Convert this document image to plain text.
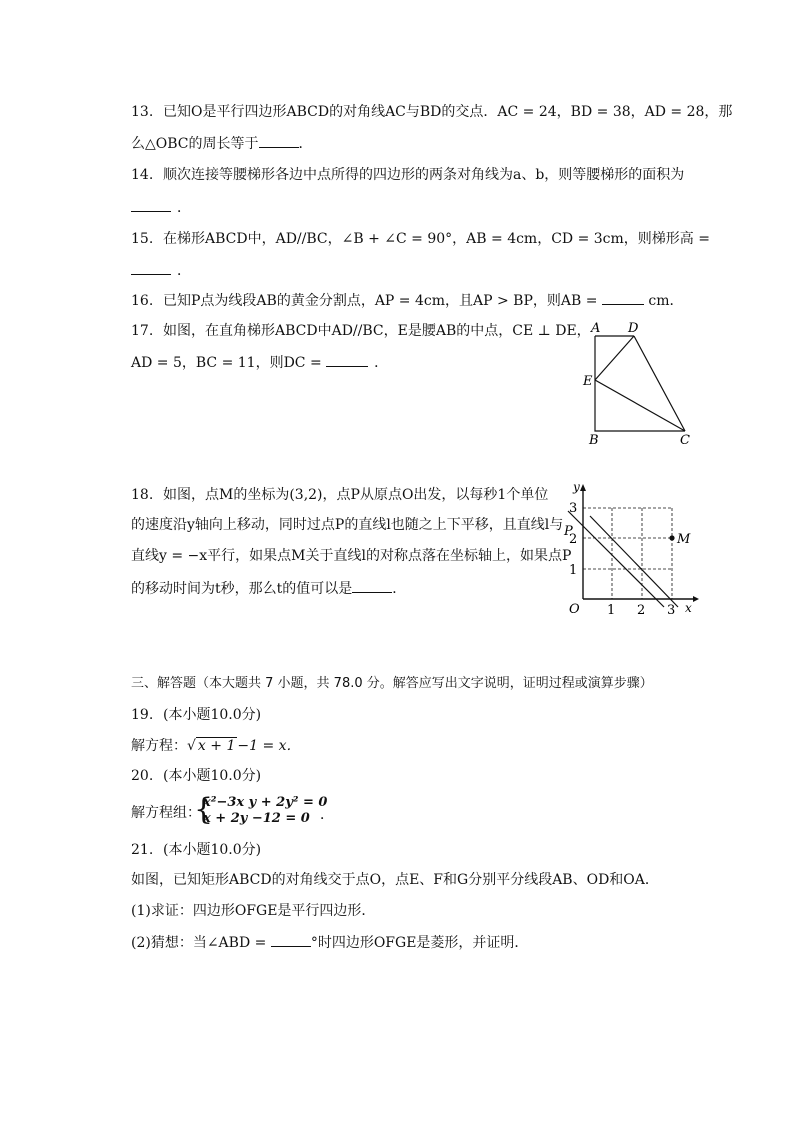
13. 已知O是平行四边形ABCD的对角线AC与BD的交点．AC = 24，BD = 38，AD = 28，那
么△OBC的周长等于	．
14. 顺次连接等腰梯形各边中点所得的四边形的两条对角线为a、b，则等腰梯形的面积为
．
15. 在梯形ABCD中，AD//BC，∠B + ∠C = 90°，AB = 4cm，CD = 3cm，则梯形高 =
．
16. 已知P点为线段AB的黄金分割点，AP = 4cm，且AP > BP，则AB =	cm．
17. 如图，在直角梯形ABCD中AD//BC，E是腰AB的中点，CE ⊥ DE，
AD = 5，BC = 11，则DC =	．
A D
E
B	C
18. 如图，点M的坐标为(3,2)，点P从原点O出发，以每秒1个单位
的速度沿y轴向上移动，同时过点P的直线l也随之上下平移，且直线l与
直线y = −x平行，如果点M关于直线l的对称点落在坐标轴上，如果点P
的移动时间为t秒，那么t的值可以是	．
y
x
O
P
M
1 2 3
1
2
3
三、解答题（本大题共 7 小题，共 78.0 分。解答应写出文字说明，证明过程或演算步骤）
19. (本小题10.0分)
解方程：√ x + 1 −1 = x．
20. (本小题10.0分)
解方程组：
{
x²−3x y + 2y² = 0
x + 2y −12 = 0 ．
21. (本小题10.0分)
如图，已知矩形ABCD的对角线交于点O，点E、F和G分别平分线段AB、OD和OA．
(1)求证：四边形OFGE是平行四边形．
(2)猜想：当∠ABD =	°时四边形OFGE是菱形，并证明．
